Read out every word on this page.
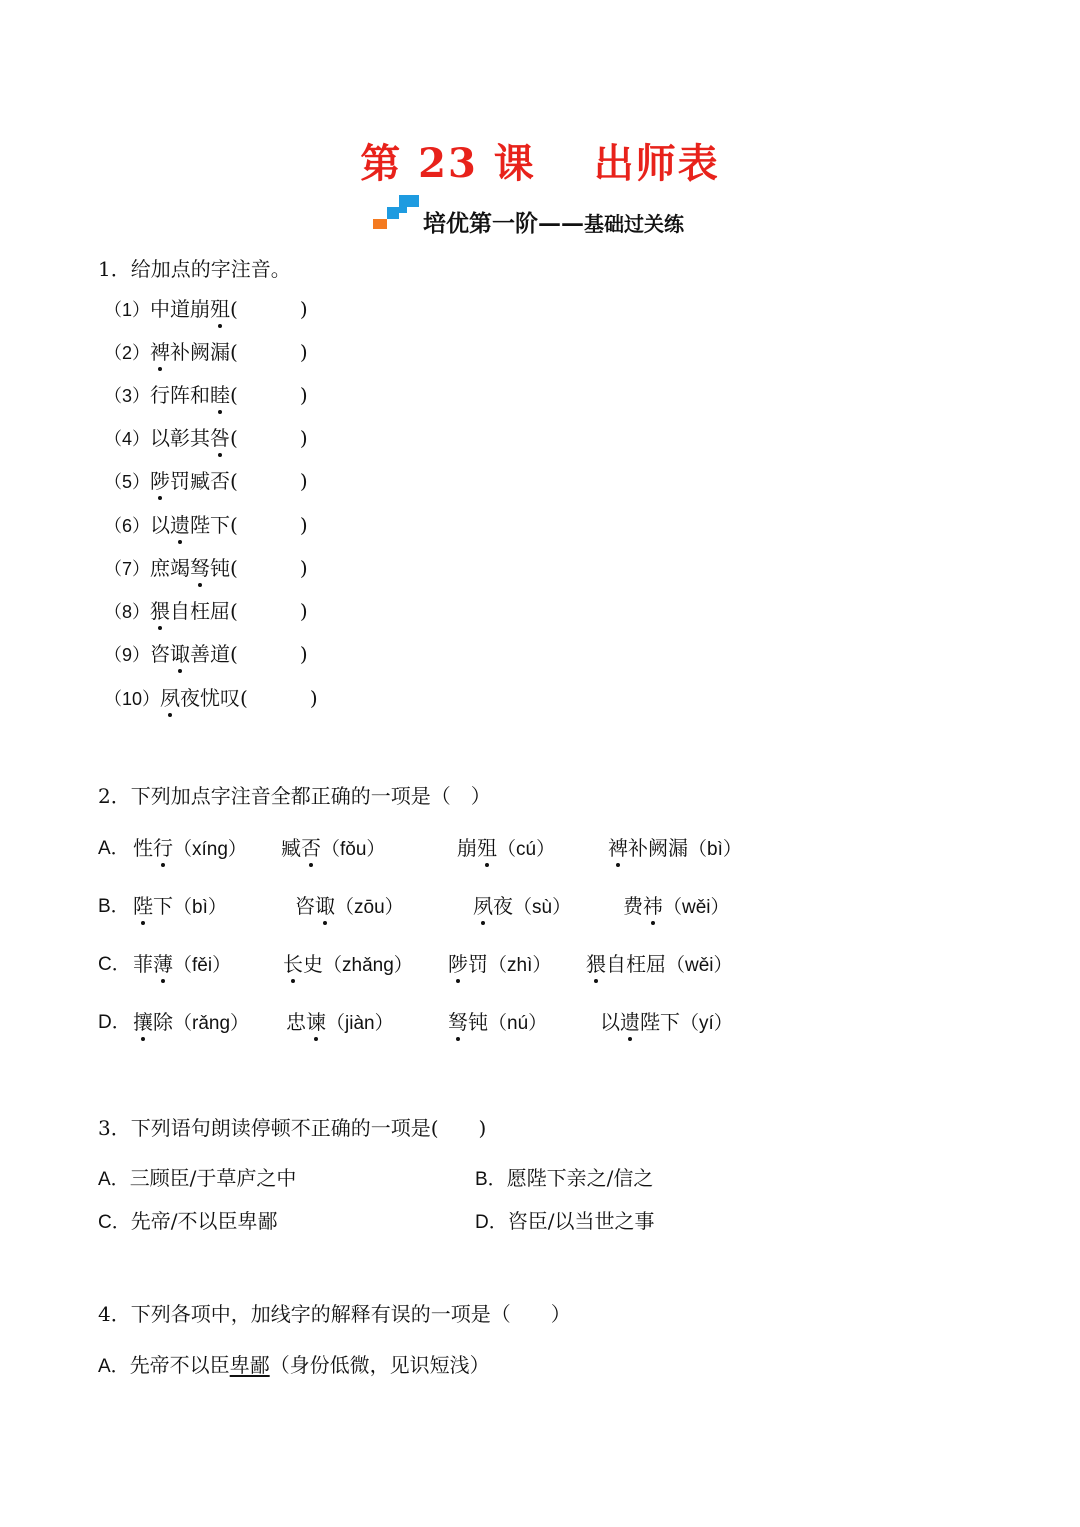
第 23 课 出师表
培优第一阶——基础过关练
1．给加点的字注音。
（1）中道崩殂(	)
（2）裨补阙漏(	)
（3）行阵和睦(	)
（4）以彰其咎(	)
（5）陟罚臧否(	)
（6）以遗陛下(	)
（7）庶竭驽钝(	)
（8）猥自枉屈(	)
（9）咨诹善道(	)
（10）夙夜忧叹(	)
2．下列加点字注音全都正确的一项是（　）
A． 性行（xíng） 臧否（fǒu）	崩殂（cú）	裨补阙漏（bì）
B． 陛下（bì）	咨诹（zōu）	夙夜（sù）	费祎（wěi）
C． 菲薄（fěi）	长史（zhǎng） 陟罚（zhì） 猥自枉屈（wěi）
D． 攘除（rǎng） 忠谏（jiàn）	驽钝（nú）	以遗陛下（yí）
3．下列语句朗读停顿不正确的一项是(　　)
A．三顾臣/于草庐之中	B．愿陛下亲之/信之
C．先帝/不以臣卑鄙	D．咨臣/以当世之事
4．下列各项中，加线字的解释有误的一项是（　　）
A．先帝不以臣卑鄙（身份低微，见识短浅）
